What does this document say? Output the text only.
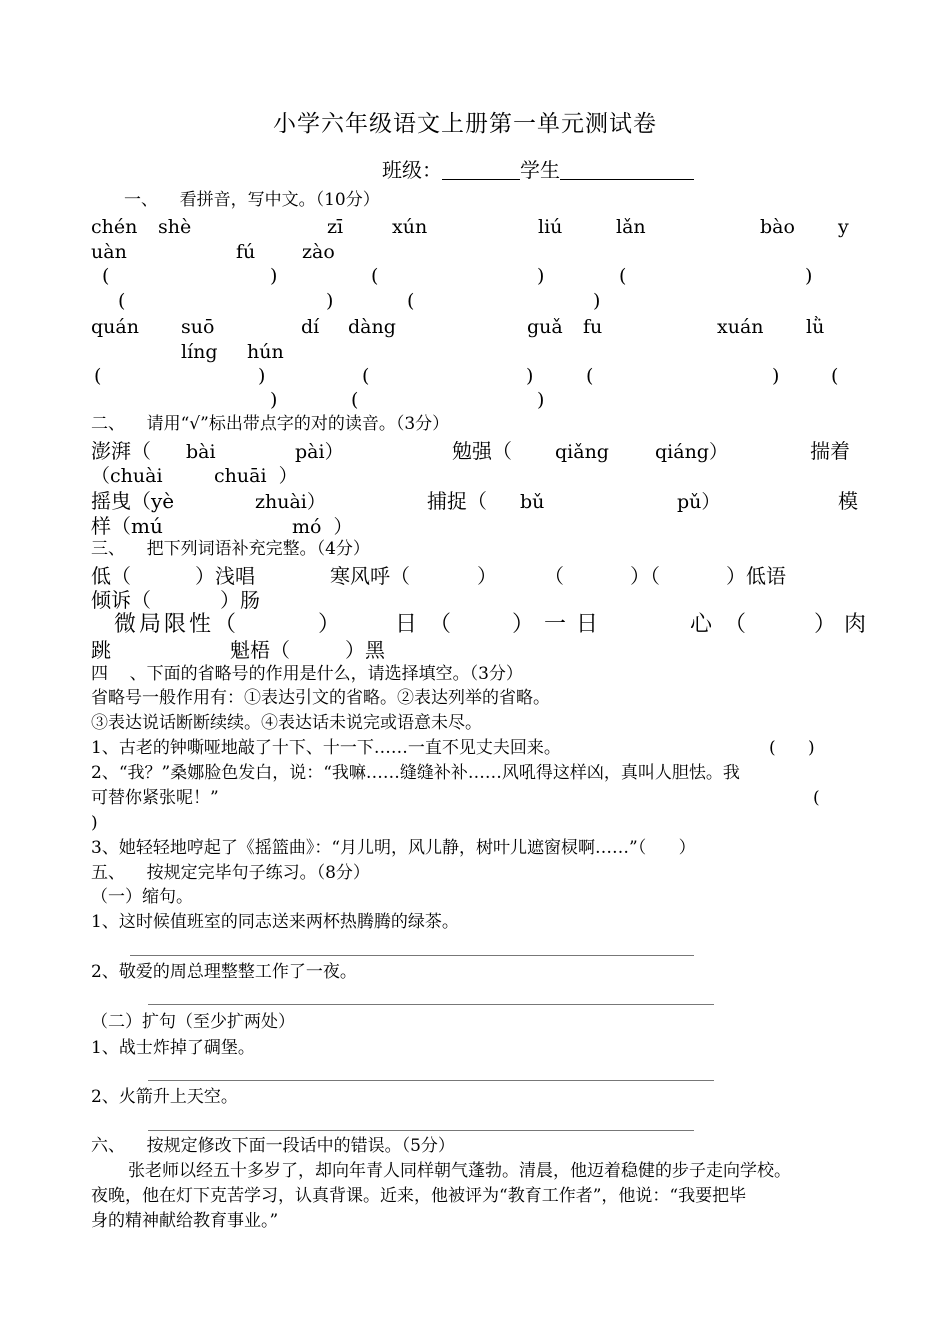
小学六年级语文上册第一单元测试卷
班级：	学生
一、    看拼音，写中文。（10分）
chén shè	zī	xún	liú	lǎn	bào y
uàn	fú zào
(	)	(	)	(	)
(	)	(	)
quán suō	dí dàng	guǎ fu	xuán lǜ
líng hún
(	)	(	)	(	)	(
)	(	)
二、    请用“√”标出带点字的对的读音。（3分）
澎湃（ bài	pài）	勉强（ qiǎng qiáng）	揣着
（chuài	chuāi  ）
摇曳（yè	zhuài）	捕捉（ bǔ	pǔ）	模
样（mú	mó  ）
三、    把下列词语补充完整。（4分）
低（	）浅唱	寒风呼（	） （	）（	）低语
倾诉（	）肠
微局限性（	） 日（ ）一日	心（	）肉
跳	魁梧（	）黑
四    、下面的省略号的作用是什么，请选择填空。（3分）
省略号一般作用有：①表达引文的省略。②表达列举的省略。
③表达说话断断续续。④表达话未说完或语意未尽。
1、古老的钟嘶哑地敲了十下、十一下……一直不见丈夫回来。	(      )
2、“我？”桑娜脸色发白，说：“我嘛……缝缝补补……风吼得这样凶，真叫人胆怯。我
可替你紧张呢！”	(
)
3、她轻轻地哼起了《摇篮曲》：“月儿明，风儿静，树叶儿遮窗棂啊……”（      ）
五、    按规定完毕句子练习。（8分）
（一）缩句。
1、这时候值班室的同志送来两杯热腾腾的绿茶。
2、敬爱的周总理整整工作了一夜。
（二）扩句（至少扩两处）
1、战士炸掉了碉堡。
2、火箭升上天空。
六、    按规定修改下面一段话中的错误。（5分）
张老师以经五十多岁了，却向年青人同样朝气蓬勃。清晨，他迈着稳健的步子走向学校。
夜晚，他在灯下克苦学习，认真背课。近来，他被评为“教育工作者”，他说：“我要把毕
身的精神献给教育事业。”
